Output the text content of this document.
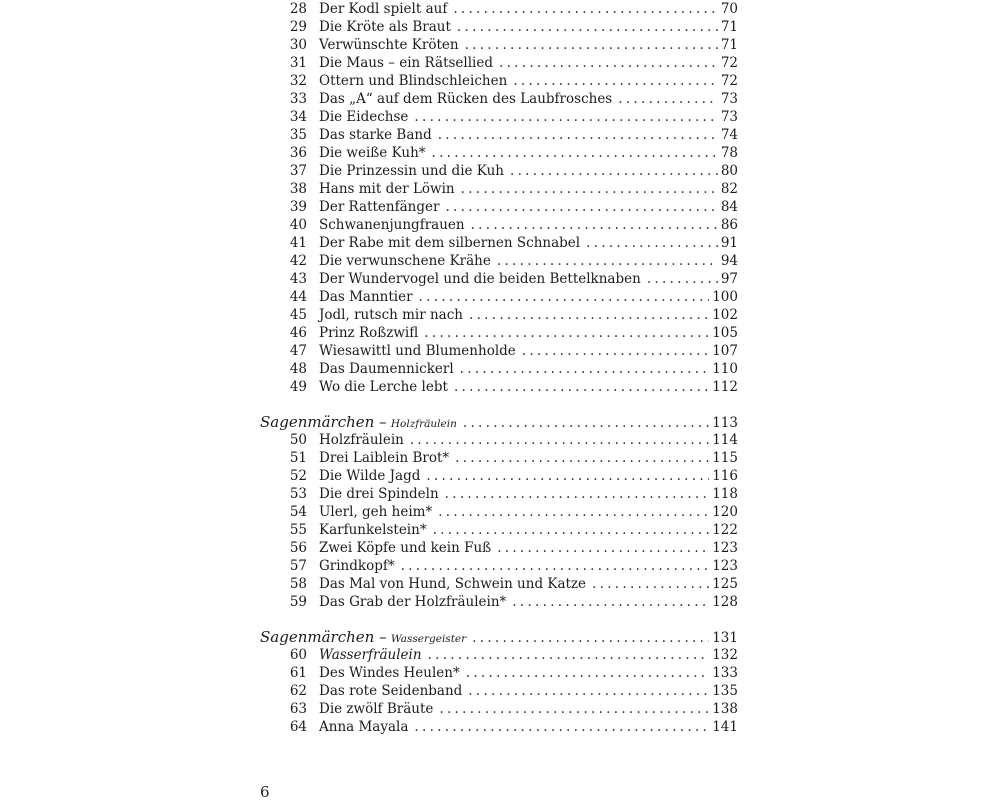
28 Der Kodl spielt auf . . .	70
29 Die Kröte als Braut . . .	71
30 Verwünschte Kröten . . .	71
31 Die Maus – ein Rätsellied . . .	72
32 Ottern und Blindschleichen . . .	72
33 Das „A“ auf dem Rücken des Laubfrosches . . .	73
34 Die Eidechse . . .	73
35 Das starke Band . . .	74
36 Die weiße Kuh* . . .	78
37 Die Prinzessin und die Kuh . . .	80
38 Hans mit der Löwin . . .	82
39 Der Rattenfänger . . .	84
40 Schwanenjungfrauen . . .	86
41 Der Rabe mit dem silbernen Schnabel . . .	91
42 Die verwunschene Krähe . . .	94
43 Der Wundervogel und die beiden Bettelknaben . . .	97
44 Das Manntier . . .	100
45 Jodl, rutsch mir nach . . .	102
46 Prinz Roßzwifl . . .	105
47 Wiesawittl und Blumenholde . . .	107
48 Das Daumennickerl . . .	110
49 Wo die Lerche lebt . . .	112
Sagenmärchen – Holzfräulein . . .	113
50 Holzfräulein . . .	114
51 Drei Laiblein Brot* . . .	115
52 Die Wilde Jagd . . .	116
53 Die drei Spindeln . . .	118
54 Ulerl, geh heim* . . .	120
55 Karfunkelstein* . . .	122
56 Zwei Köpfe und kein Fuß . . .	123
57 Grindkopf* . . .	123
58 Das Mal von Hund, Schwein und Katze . . .	125
59 Das Grab der Holzfräulein* . . .	128
Sagenmärchen – Wassergeister . . .	131
60 Wasserfräulein . . .	132
61 Des Windes Heulen* . . .	133
62 Das rote Seidenband . . .	135
63 Die zwölf Bräute . . .	138
64 Anna Mayala . . .	141
6
